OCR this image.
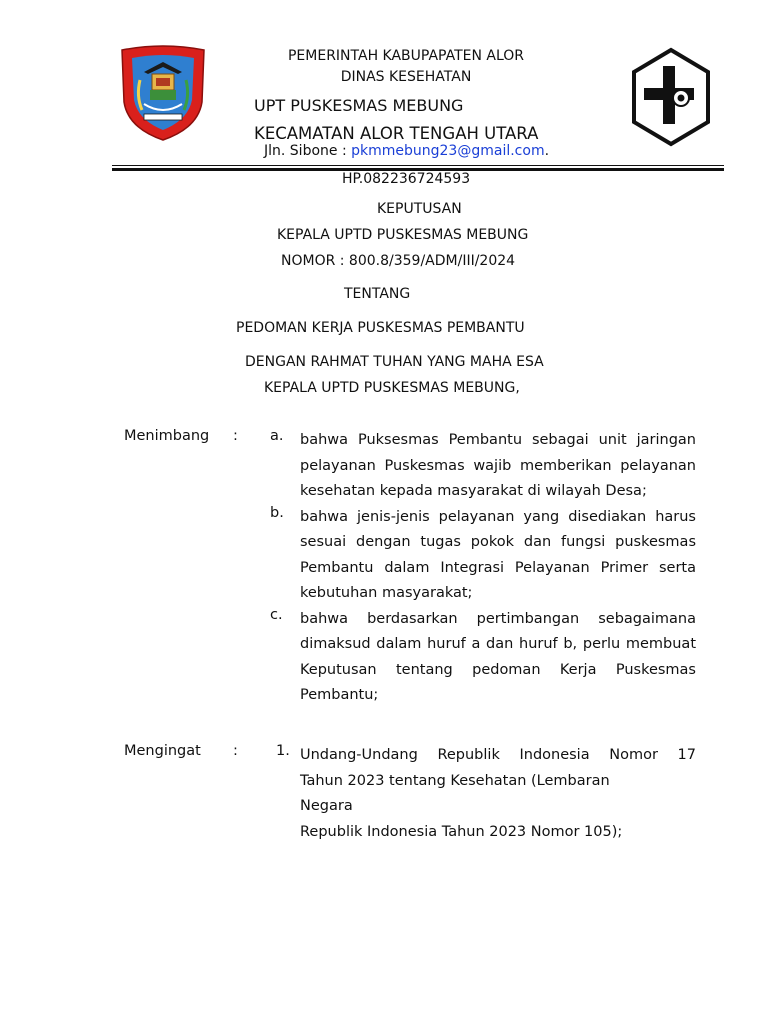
PEMERINTAH KABUPAPATEN ALOR
DINAS KESEHATAN
UPT PUSKESMAS MEBUNG
KECAMATAN ALOR TENGAH UTARA
Jln. Sibone : pkmmebung23@gmail.com.
HP.082236724593
KEPUTUSAN
KEPALA UPTD PUSKESMAS MEBUNG
NOMOR : 800.8/359/ADM/III/2024
TENTANG
PEDOMAN KERJA PUSKESMAS PEMBANTU
DENGAN RAHMAT TUHAN YANG MAHA ESA
KEPALA UPTD PUSKESMAS MEBUNG,
Menimbang : a. bahwa Puksesmas Pembantu sebagai unit jaringan pelayanan Puskesmas wajib memberikan pelayanan kesehatan kepada masyarakat di wilayah Desa;
b. bahwa jenis-jenis pelayanan yang disediakan harus sesuai dengan tugas pokok dan fungsi puskesmas Pembantu dalam Integrasi Pelayanan Primer serta kebutuhan masyarakat;
c. bahwa berdasarkan pertimbangan sebagaimana dimaksud dalam huruf a dan huruf b, perlu membuat Keputusan tentang pedoman Kerja Puskesmas Pembantu;
Mengingat :	1. Undang-Undang Republik Indonesia Nomor 17
Tahun 2023 tentang Kesehatan (Lembaran
Negara
Republik Indonesia Tahun 2023 Nomor 105);
